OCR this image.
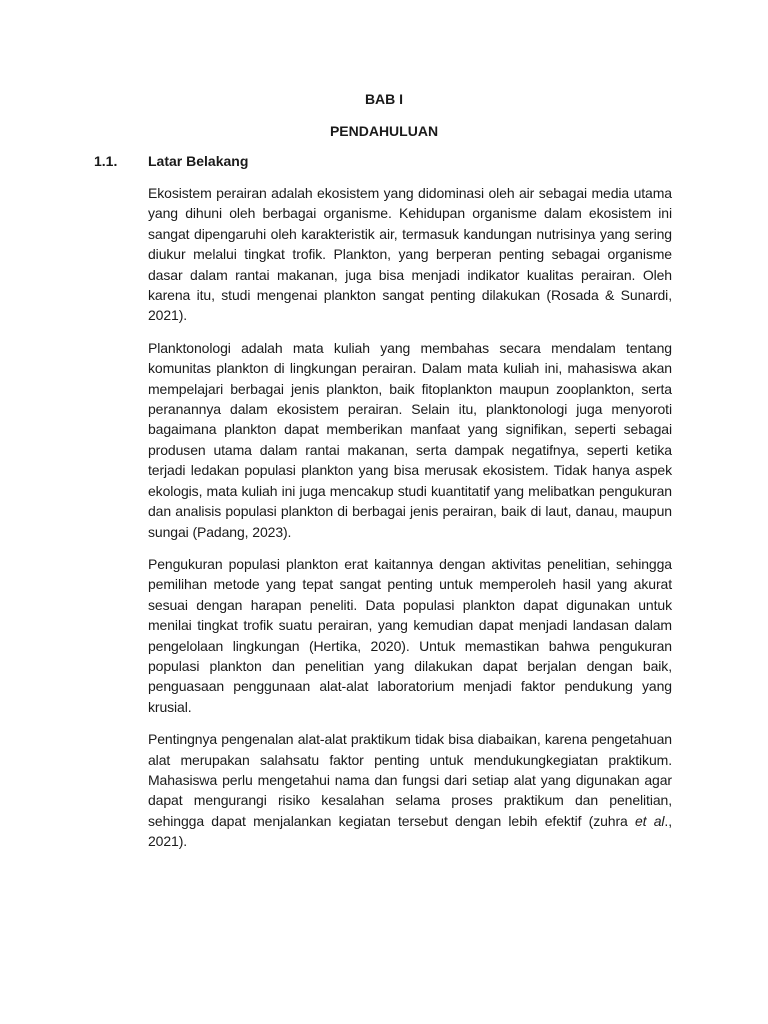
BAB I
PENDAHULUAN
1.1. Latar Belakang

Ekosistem perairan adalah ekosistem yang didominasi oleh air sebagai media utama yang dihuni oleh berbagai organisme. Kehidupan organisme dalam ekosistem ini sangat dipengaruhi oleh karakteristik air, termasuk kandungan nutrisinya yang sering diukur melalui tingkat trofik. Plankton, yang berperan penting sebagai organisme dasar dalam rantai makanan, juga bisa menjadi indikator kualitas perairan. Oleh karena itu, studi mengenai plankton sangat penting dilakukan (Rosada & Sunardi, 2021).

Planktonologi adalah mata kuliah yang membahas secara mendalam tentang komunitas plankton di lingkungan perairan. Dalam mata kuliah ini, mahasiswa akan mempelajari berbagai jenis plankton, baik fitoplankton maupun zooplankton, serta peranannya dalam ekosistem perairan. Selain itu, planktonologi juga menyoroti bagaimana plankton dapat memberikan manfaat yang signifikan, seperti sebagai produsen utama dalam rantai makanan, serta dampak negatifnya, seperti ketika terjadi ledakan populasi plankton yang bisa merusak ekosistem. Tidak hanya aspek ekologis, mata kuliah ini juga mencakup studi kuantitatif yang melibatkan pengukuran dan analisis populasi plankton di berbagai jenis perairan, baik di laut, danau, maupun sungai (Padang, 2023).

Pengukuran populasi plankton erat kaitannya dengan aktivitas penelitian, sehingga pemilihan metode yang tepat sangat penting untuk memperoleh hasil yang akurat sesuai dengan harapan peneliti. Data populasi plankton dapat digunakan untuk menilai tingkat trofik suatu perairan, yang kemudian dapat menjadi landasan dalam pengelolaan lingkungan (Hertika, 2020). Untuk memastikan bahwa pengukuran populasi plankton dan penelitian yang dilakukan dapat berjalan dengan baik, penguasaan penggunaan alat-alat laboratorium menjadi faktor pendukung yang krusial.

Pentingnya pengenalan alat-alat praktikum tidak bisa diabaikan, karena pengetahuan alat merupakan salahsatu faktor penting untuk mendukungkegiatan praktikum. Mahasiswa perlu mengetahui nama dan fungsi dari setiap alat yang digunakan agar dapat mengurangi risiko kesalahan selama proses praktikum dan penelitian, sehingga dapat menjalankan kegiatan tersebut dengan lebih efektif (zuhra et al., 2021).
